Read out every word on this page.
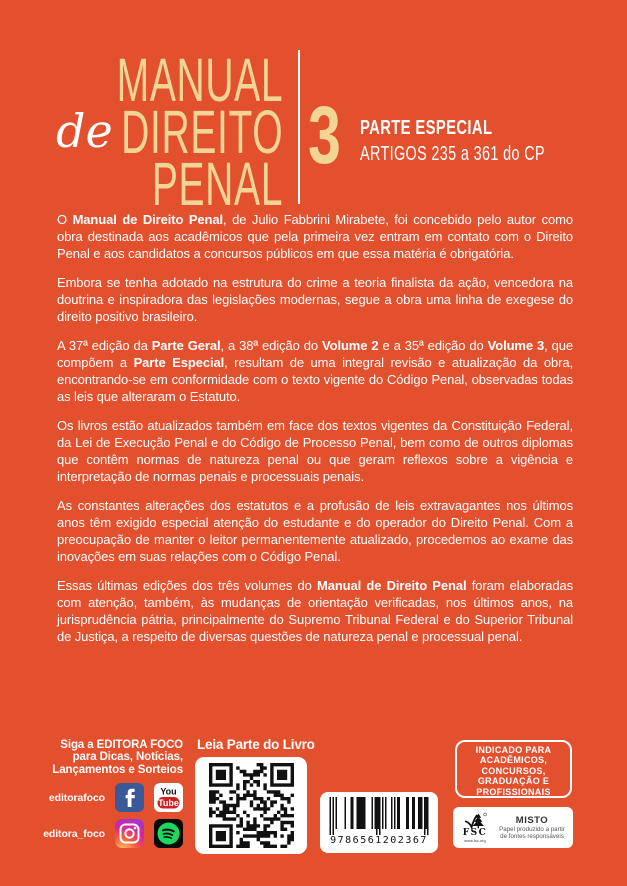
MANUAL
de DIREITO
PENAL
3 PARTE ESPECIAL
ARTIGOS 235 a 361 do CP

O Manual de Direito Penal, de Julio Fabbrini Mirabete, foi concebido pelo autor como obra destinada aos acadêmicos que pela primeira vez entram em contato com o Direito Penal e aos candidatos a concursos públicos em que essa matéria é obrigatória.

Embora se tenha adotado na estrutura do crime a teoria finalista da ação, vencedora na doutrina e inspiradora das legislações modernas, segue a obra uma linha de exegese do direito positivo brasileiro.

A 37ª edição da Parte Geral, a 38ª edição do Volume 2 e a 35ª edição do Volume 3, que compõem a Parte Especial, resultam de uma integral revisão e atualização da obra, encontrando-se em conformidade com o texto vigente do Código Penal, observadas todas as leis que alteraram o Estatuto.

Os livros estão atualizados também em face dos textos vigentes da Constituição Federal, da Lei de Execução Penal e do Código de Processo Penal, bem como de outros diplomas que contêm normas de natureza penal ou que geram reflexos sobre a vigência e interpretação de normas penais e processuais penais.

As constantes alterações dos estatutos e a profusão de leis extravagantes nos últimos anos têm exigido especial atenção do estudante e do operador do Direito Penal. Com a preocupação de manter o leitor permanentemente atualizado, procedemos ao exame das inovações em suas relações com o Código Penal.

Essas últimas edições dos três volumes do Manual de Direito Penal foram elaboradas com atenção, também, às mudanças de orientação verificadas, nos últimos anos, na jurisprudência pátria, principalmente do Supremo Tribunal Federal e do Superior Tribunal de Justiça, a respeito de diversas questões de natureza penal e processual penal.

Siga a EDITORA FOCO
para Dicas, Notícias,
Lançamentos e Sorteios
editorafoco	You
Tube
editora_foco
Leia Parte do Livro
9786561202367
INDICADO PARA
ACADÊMICOS,
CONCURSOS,
GRADUAÇÃO E
PROFISSIONAIS
FSC
www.fsc.org
MISTO
Papel produzido a partir
de fontes responsáveis
